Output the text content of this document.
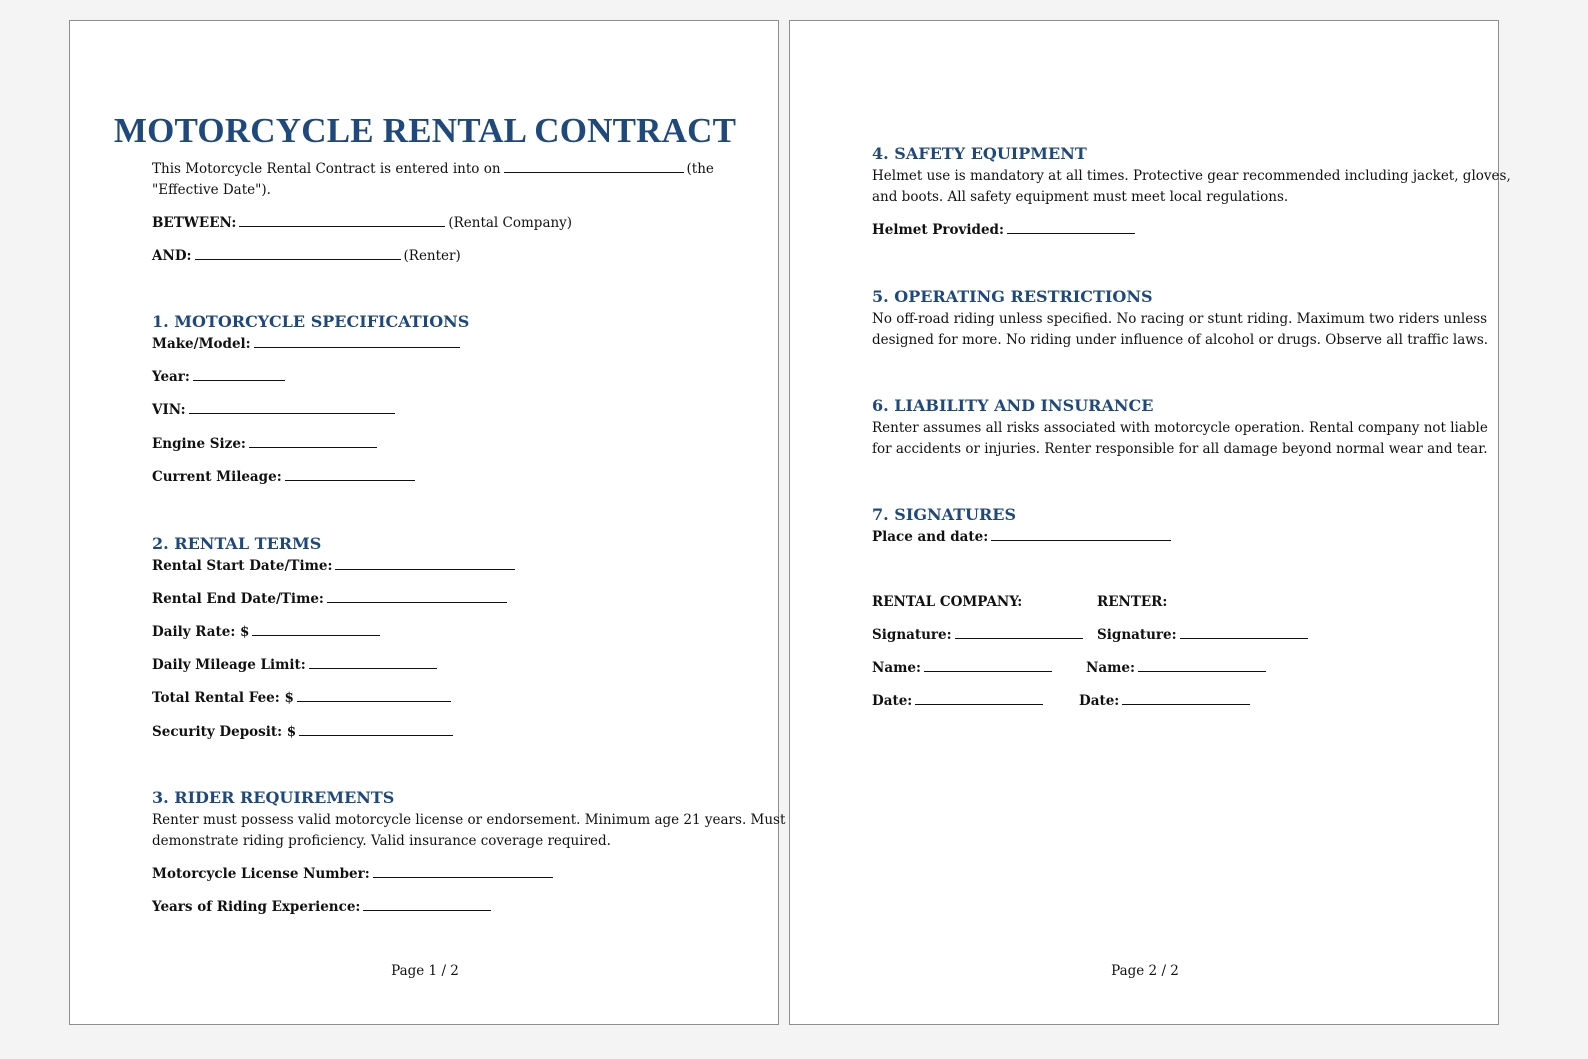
MOTORCYCLE RENTAL CONTRACT
This Motorcycle Rental Contract is entered into on	(the
"Effective Date").
BETWEEN:	(Rental Company)
AND:	(Renter)
1. MOTORCYCLE SPECIFICATIONS
Make/Model:
Year:
VIN:
Engine Size:
Current Mileage:
2. RENTAL TERMS
Rental Start Date/Time:
Rental End Date/Time:
Daily Rate: $
Daily Mileage Limit:
Total Rental Fee: $
Security Deposit: $
3. RIDER REQUIREMENTS
Renter must possess valid motorcycle license or endorsement. Minimum age 21 years. Must
demonstrate riding proficiency. Valid insurance coverage required.
Motorcycle License Number:
Years of Riding Experience:
Page 1 / 2
4. SAFETY EQUIPMENT
Helmet use is mandatory at all times. Protective gear recommended including jacket, gloves,
and boots. All safety equipment must meet local regulations.
Helmet Provided:
5. OPERATING RESTRICTIONS
No off-road riding unless specified. No racing or stunt riding. Maximum two riders unless
designed for more. No riding under influence of alcohol or drugs. Observe all traffic laws.
6. LIABILITY AND INSURANCE
Renter assumes all risks associated with motorcycle operation. Rental company not liable
for accidents or injuries. Renter responsible for all damage beyond normal wear and tear.
7. SIGNATURES
Place and date:
RENTAL COMPANY:	RENTER:
Signature:	Signature:
Name:	Name:
Date:	Date:
Page 2 / 2
